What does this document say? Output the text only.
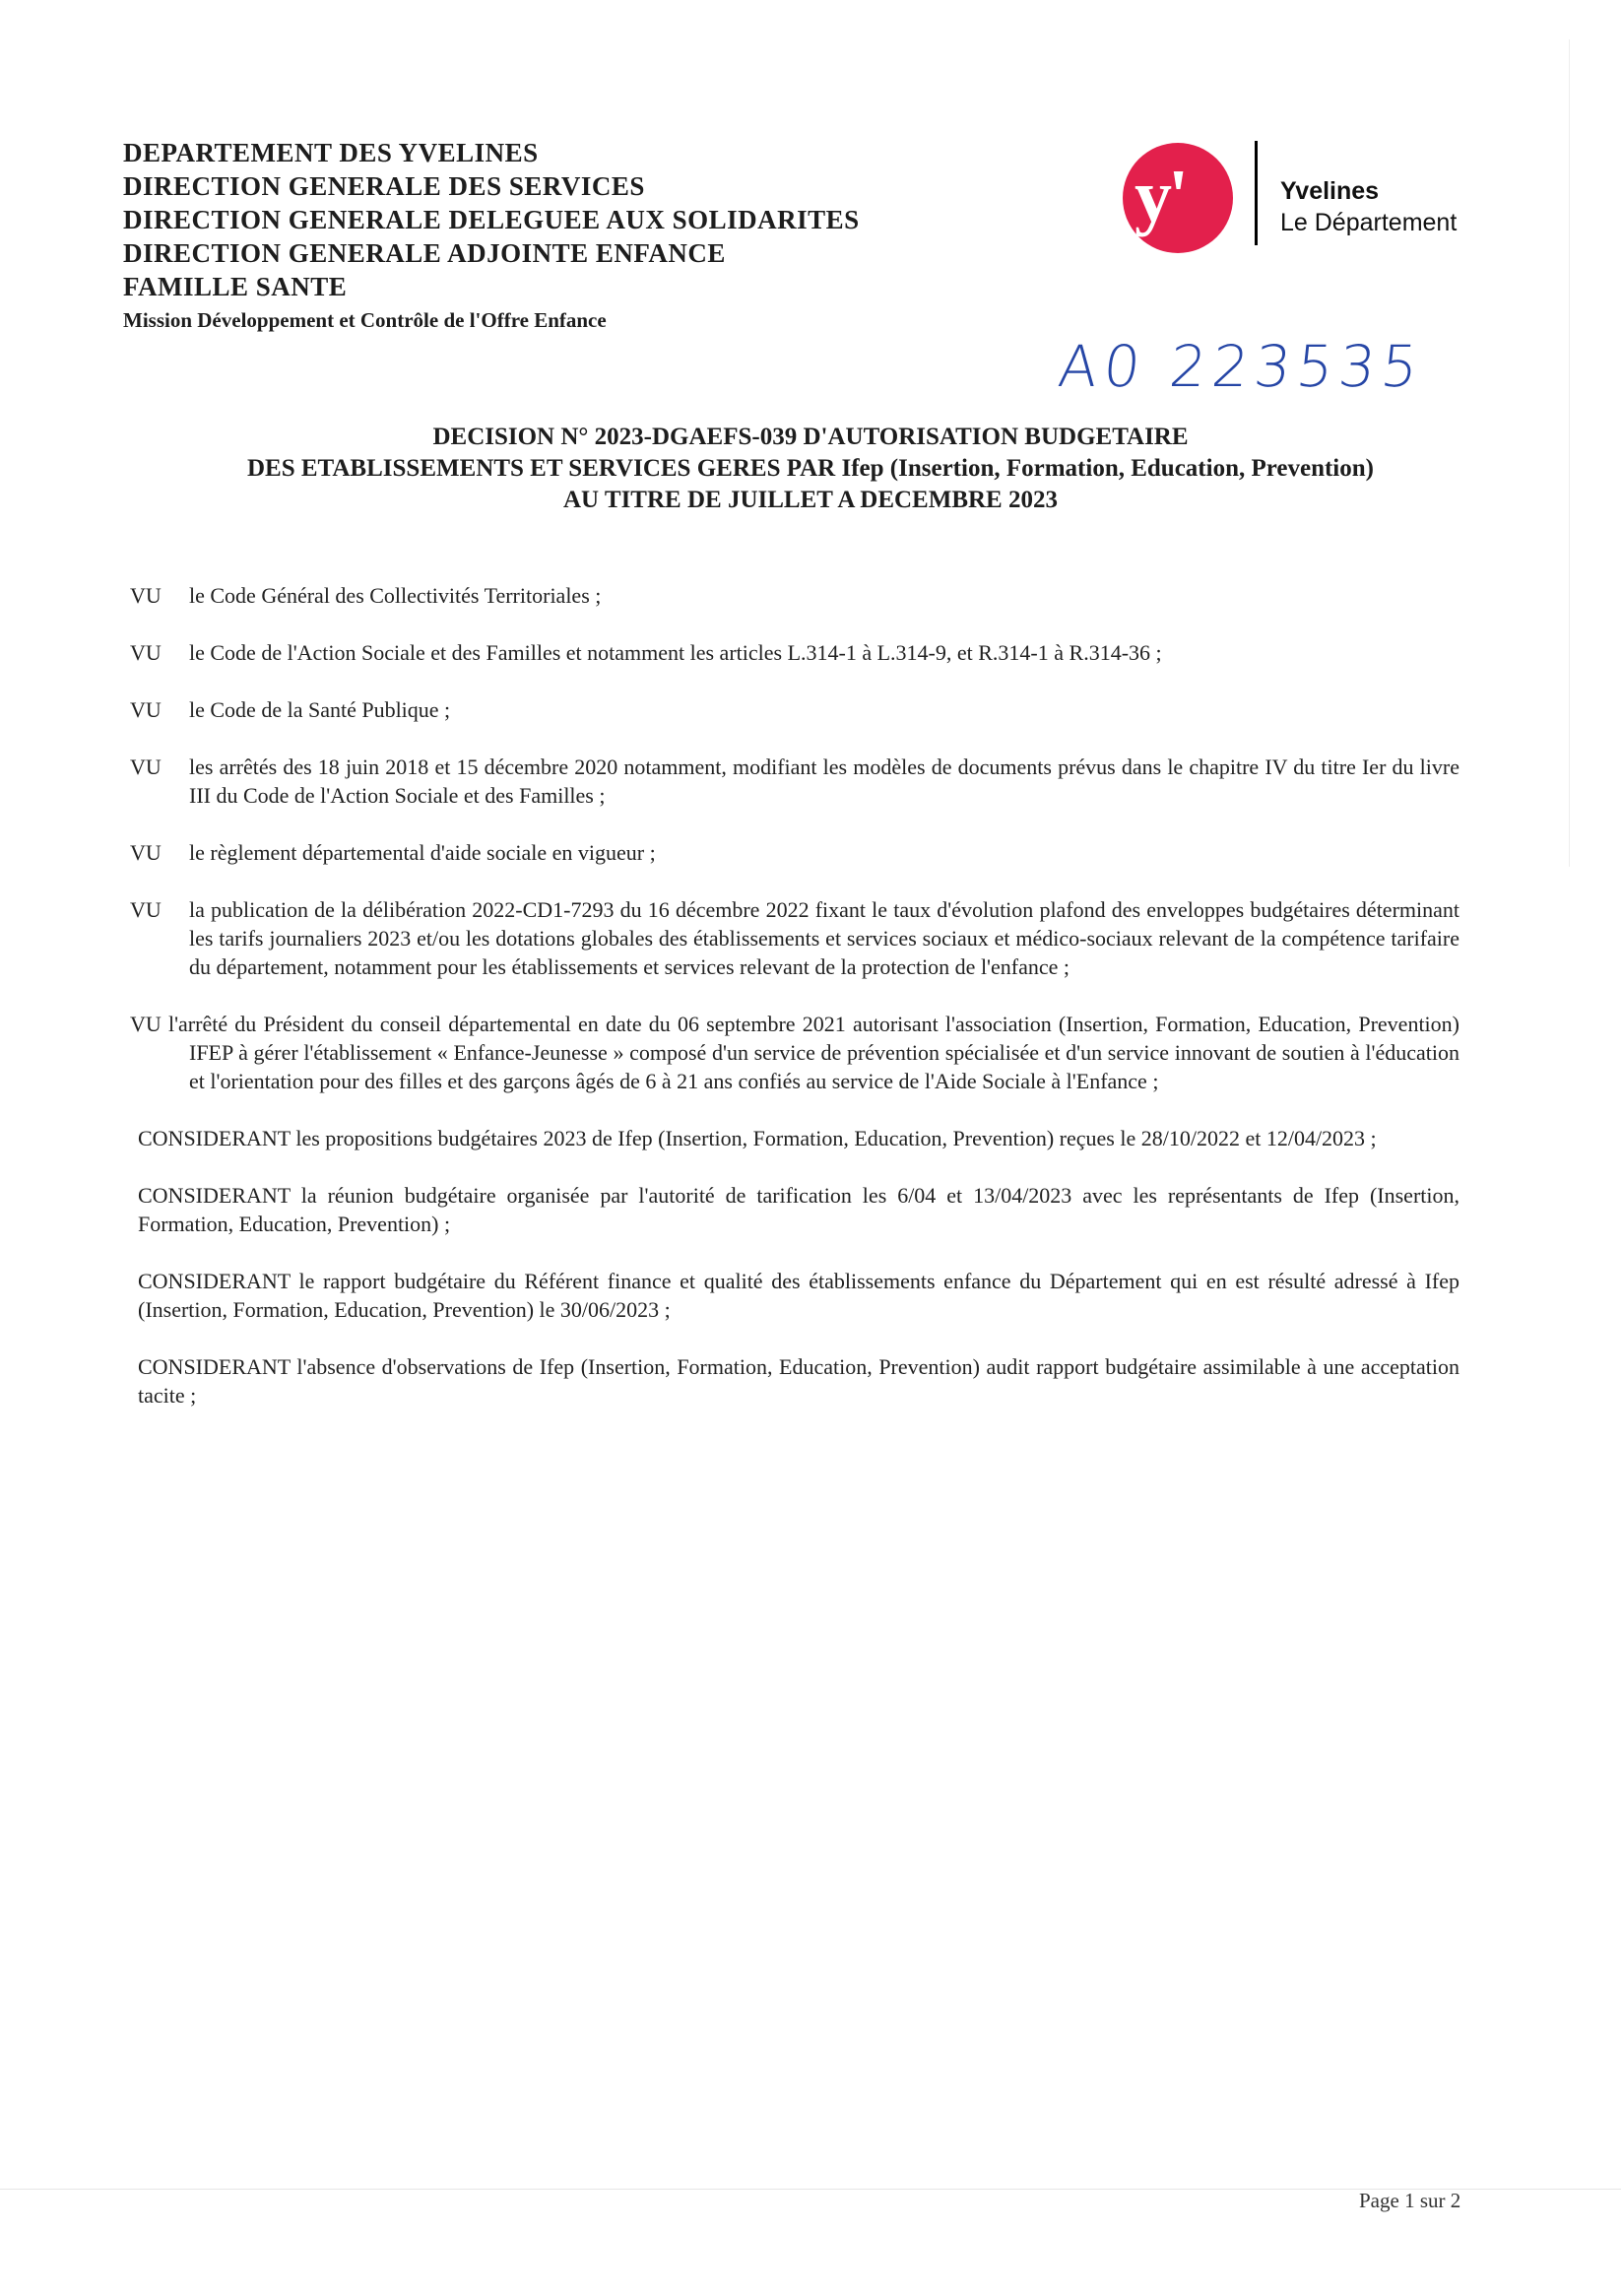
DEPARTEMENT DES YVELINES
DIRECTION GENERALE DES SERVICES
DIRECTION GENERALE DELEGUEE AUX SOLIDARITES
DIRECTION GENERALE ADJOINTE ENFANCE
FAMILLE SANTE
Mission Développement et Contrôle de l'Offre Enfance
y'	Yvelines
Le Département
A0 223535
DECISION N° 2023-DGAEFS-039 D'AUTORISATION BUDGETAIRE
DES ETABLISSEMENTS ET SERVICES GERES PAR Ifep (Insertion, Formation, Education, Prevention)
AU TITRE DE JUILLET A DECEMBRE 2023
VU	le Code Général des Collectivités Territoriales ;
VU	le Code de l'Action Sociale et des Familles et notamment les articles L.314-1 à L.314-9, et R.314-1 à R.314-36 ;
VU	le Code de la Santé Publique ;
VU	les arrêtés des 18 juin 2018 et 15 décembre 2020 notamment, modifiant les modèles de documents prévus dans le chapitre IV du titre Ier du livre III du Code de l'Action Sociale et des Familles ;
VU	le règlement départemental d'aide sociale en vigueur ;
VU	la publication de la délibération 2022-CD1-7293 du 16 décembre 2022 fixant le taux d'évolution plafond des enveloppes budgétaires déterminant les tarifs journaliers 2023 et/ou les dotations globales des établissements et services sociaux et médico-sociaux relevant de la compétence tarifaire du département, notamment pour les établissements et services relevant de la protection de l'enfance ;
VU l'arrêté du Président du conseil départemental en date du 06 septembre 2021 autorisant l'association (Insertion, Formation, Education, Prevention) IFEP à gérer l'établissement « Enfance-Jeunesse » composé d'un service de prévention spécialisée et d'un service innovant de soutien à l'éducation et l'orientation pour des filles et des garçons âgés de 6 à 21 ans confiés au service de l'Aide Sociale à l'Enfance ;
CONSIDERANT les propositions budgétaires 2023 de Ifep (Insertion, Formation, Education, Prevention) reçues le 28/10/2022 et 12/04/2023 ;
CONSIDERANT la réunion budgétaire organisée par l'autorité de tarification les 6/04 et 13/04/2023 avec les représentants de Ifep (Insertion, Formation, Education, Prevention) ;
CONSIDERANT le rapport budgétaire du Référent finance et qualité des établissements enfance du Département qui en est résulté adressé à Ifep (Insertion, Formation, Education, Prevention) le 30/06/2023 ;
CONSIDERANT l'absence d'observations de Ifep (Insertion, Formation, Education, Prevention) audit rapport budgétaire assimilable à une acceptation tacite ;
Page 1 sur 2
